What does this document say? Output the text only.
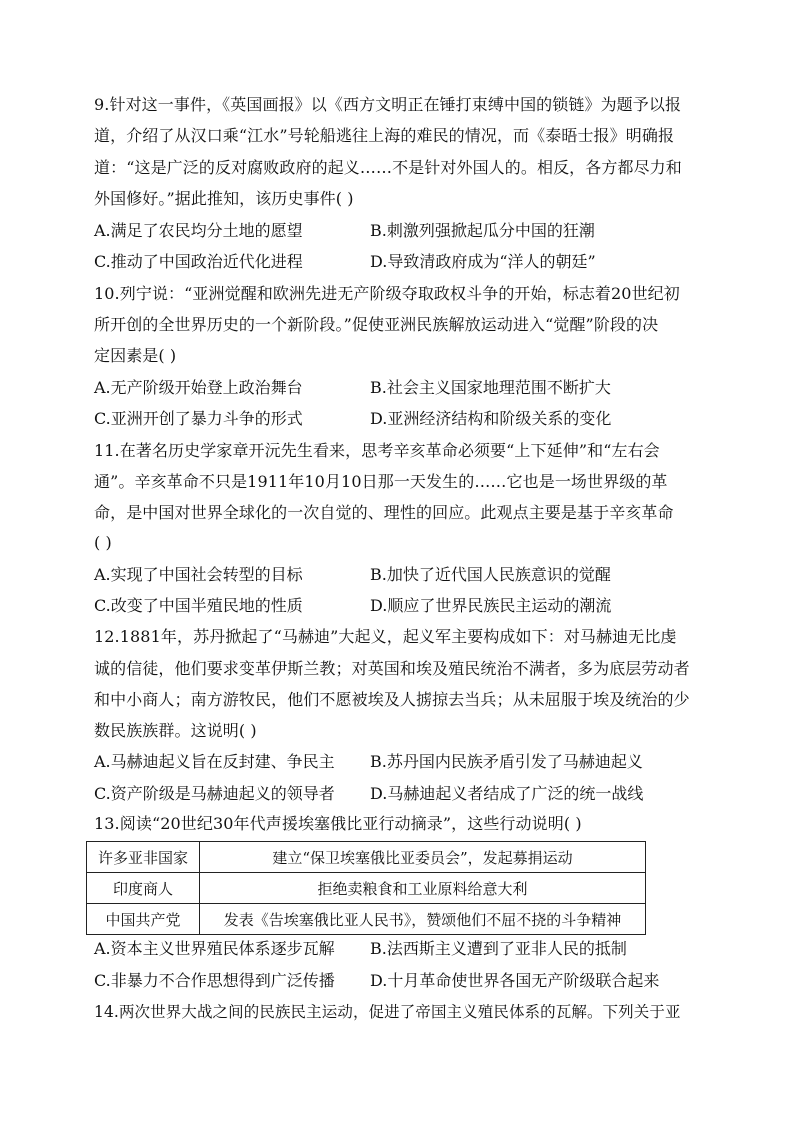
9.针对这一事件，《英国画报》以《西方文明正在锤打束缚中国的锁链》为题予以报
道，介绍了从汉口乘“江水”号轮船逃往上海的难民的情况，而《泰晤士报》明确报
道：“这是广泛的反对腐败政府的起义……不是针对外国人的。相反，各方都尽力和
外国修好。”据此推知，该历史事件( )
A.满足了农民均分土地的愿望	B.刺激列强掀起瓜分中国的狂潮
C.推动了中国政治近代化进程	D.导致清政府成为“洋人的朝廷”
10.列宁说：“亚洲觉醒和欧洲先进无产阶级夺取政权斗争的开始，标志着20世纪初
所开创的全世界历史的一个新阶段。”促使亚洲民族解放运动进入“觉醒”阶段的决
定因素是( )
A.无产阶级开始登上政治舞台	B.社会主义国家地理范围不断扩大
C.亚洲开创了暴力斗争的形式	D.亚洲经济结构和阶级关系的变化
11.在著名历史学家章开沅先生看来，思考辛亥革命必须要“上下延伸”和“左右会
通”。辛亥革命不只是1911年10月10日那一天发生的……它也是一场世界级的革
命，是中国对世界全球化的一次自觉的、理性的回应。此观点主要是基于辛亥革命
( )
A.实现了中国社会转型的目标	B.加快了近代国人民族意识的觉醒
C.改变了中国半殖民地的性质	D.顺应了世界民族民主运动的潮流
12.1881年，苏丹掀起了“马赫迪”大起义，起义军主要构成如下：对马赫迪无比虔
诚的信徒，他们要求变革伊斯兰教；对英国和埃及殖民统治不满者，多为底层劳动者
和中小商人；南方游牧民，他们不愿被埃及人掳掠去当兵；从未屈服于埃及统治的少
数民族族群。这说明( )
A.马赫迪起义旨在反封建、争民主 B.苏丹国内民族矛盾引发了马赫迪起义
C.资产阶级是马赫迪起义的领导者 D.马赫迪起义者结成了广泛的统一战线
13.阅读“20世纪30年代声援埃塞俄比亚行动摘录”，这些行动说明( )
许多亚非国家	建立“保卫埃塞俄比亚委员会”，发起募捐运动
印度商人	拒绝卖粮食和工业原料给意大利
中国共产党	发表《告埃塞俄比亚人民书》，赞颂他们不屈不挠的斗争精神
A.资本主义世界殖民体系逐步瓦解 B.法西斯主义遭到了亚非人民的抵制
C.非暴力不合作思想得到广泛传播 D.十月革命使世界各国无产阶级联合起来
14.两次世界大战之间的民族民主运动，促进了帝国主义殖民体系的瓦解。下列关于亚
